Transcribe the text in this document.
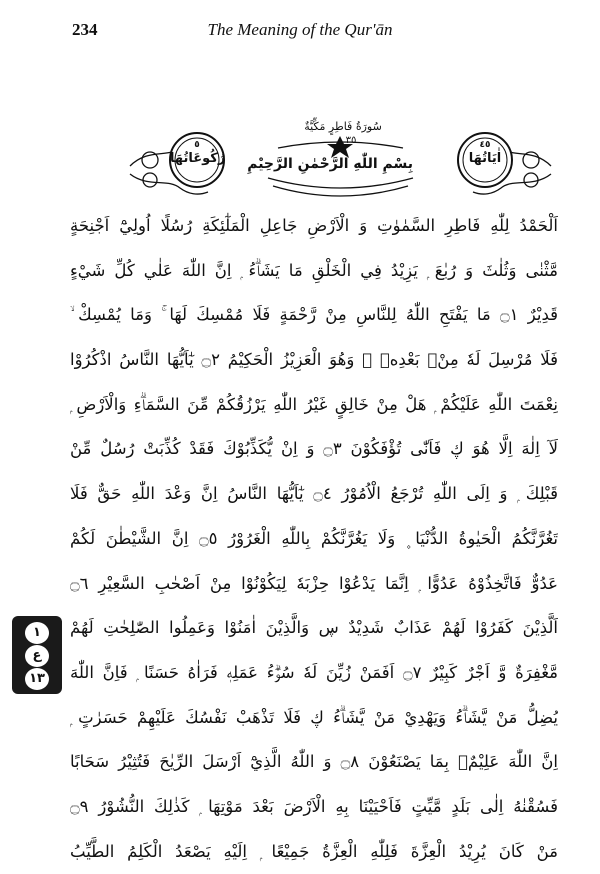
234	The Meaning of the Qur'ān
سُورَةُ فَاطِرٍ مَكِّيَّةٌ
٣٥
بِسْمِ اللّٰهِ الرَّحْمٰنِ الرَّحِيْمِ
٥
رُكُوعَاتُهَا
٤٥
اٰيَاتُهَا
اَلْحَمْدُ لِلّٰهِ فَاطِرِ السَّمٰوٰتِ وَ الْاَرْضِ جَاعِلِ الْمَلٰٓئِكَةِ رُسُلًا اُولِيْٓ اَجْنِحَةٍ
مَّثْنٰى وَثُلٰثَ وَ رُبٰعَ ۭ يَزِيْدُ فِي الْخَلْقِ مَا يَشَاۗءُ ۭ اِنَّ اللّٰهَ عَلٰي كُلِّ شَيْءٍ
قَدِيْرٌ ۝١ مَا يَفْتَحِ اللّٰهُ لِلنَّاسِ مِنْ رَّحْمَةٍ فَلَا مُمْسِكَ لَهَا ۚ وَمَا يُمْسِكْ ۙ
فَلَا مُرْسِلَ لَهٗ مِنْۢ بَعْدِهٖ ۭ وَهُوَ الْعَزِيْزُ الْحَكِيْمُ ۝٢ يٰٓاَيُّهَا النَّاسُ اذْكُرُوْا
نِعْمَتَ اللّٰهِ عَلَيْكُمْ ۭ هَلْ مِنْ خَالِقٍ غَيْرُ اللّٰهِ يَرْزُقُكُمْ مِّنَ السَّمَاۗءِ وَالْاَرْضِ ۭ
لَآ اِلٰهَ اِلَّا هُوَ ڮ فَاَنّٰى تُؤْفَكُوْنَ ۝٣ وَ اِنْ يُّكَذِّبُوْكَ فَقَدْ كُذِّبَتْ رُسُلٌ مِّنْ
قَبْلِكَ ۭ وَ اِلَى اللّٰهِ تُرْجَعُ الْاُمُوْرُ ۝٤ يٰٓاَيُّهَا النَّاسُ اِنَّ وَعْدَ اللّٰهِ حَقٌّ فَلَا
تَغُرَّنَّكُمُ الْحَيٰوةُ الدُّنْيَا ۪ وَلَا يَغُرَّنَّكُمْ بِاللّٰهِ الْغَرُوْرُ ۝٥ اِنَّ الشَّيْطٰنَ لَكُمْ
عَدُوٌّ فَاتَّخِذُوْهُ عَدُوًّا ۭ اِنَّمَا يَدْعُوْا حِزْبَهٗ لِيَكُوْنُوْا مِنْ اَصْحٰبِ السَّعِيْرِ ۝٦
اَلَّذِيْنَ كَفَرُوْا لَهُمْ عَذَابٌ شَدِيْدٌ ڛ وَالَّذِيْنَ اٰمَنُوْا وَعَمِلُوا الصّٰلِحٰتِ لَهُمْ
مَّغْفِرَةٌ وَّ اَجْرٌ كَبِيْرٌ ۝٧ اَفَمَنْ زُيِّنَ لَهٗ سُوْۗءُ عَمَلِهٖ فَرَاٰهُ حَسَنًا ۭ فَاِنَّ اللّٰهَ
يُضِلُّ مَنْ يَّشَاۗءُ وَيَهْدِيْ مَنْ يَّشَاۗءُ ڮ فَلَا تَذْهَبْ نَفْسُكَ عَلَيْهِمْ حَسَرٰتٍ ۭ
اِنَّ اللّٰهَ عَلِيْمٌۢ بِمَا يَصْنَعُوْنَ ۝٨ وَ اللّٰهُ الَّذِيْٓ اَرْسَلَ الرِّيٰحَ فَتُثِيْرُ سَحَابًا
فَسُقْنٰهُ اِلٰى بَلَدٍ مَّيِّتٍ فَاَحْيَيْنَا بِهِ الْاَرْضَ بَعْدَ مَوْتِهَا ۭ كَذٰلِكَ النُّشُوْرُ ۝٩
مَنْ كَانَ يُرِيْدُ الْعِزَّةَ فَلِلّٰهِ الْعِزَّةُ جَمِيْعًا ۭ اِلَيْهِ يَصْعَدُ الْكَلِمُ الطَّيِّبُ
١
ع
١٣
